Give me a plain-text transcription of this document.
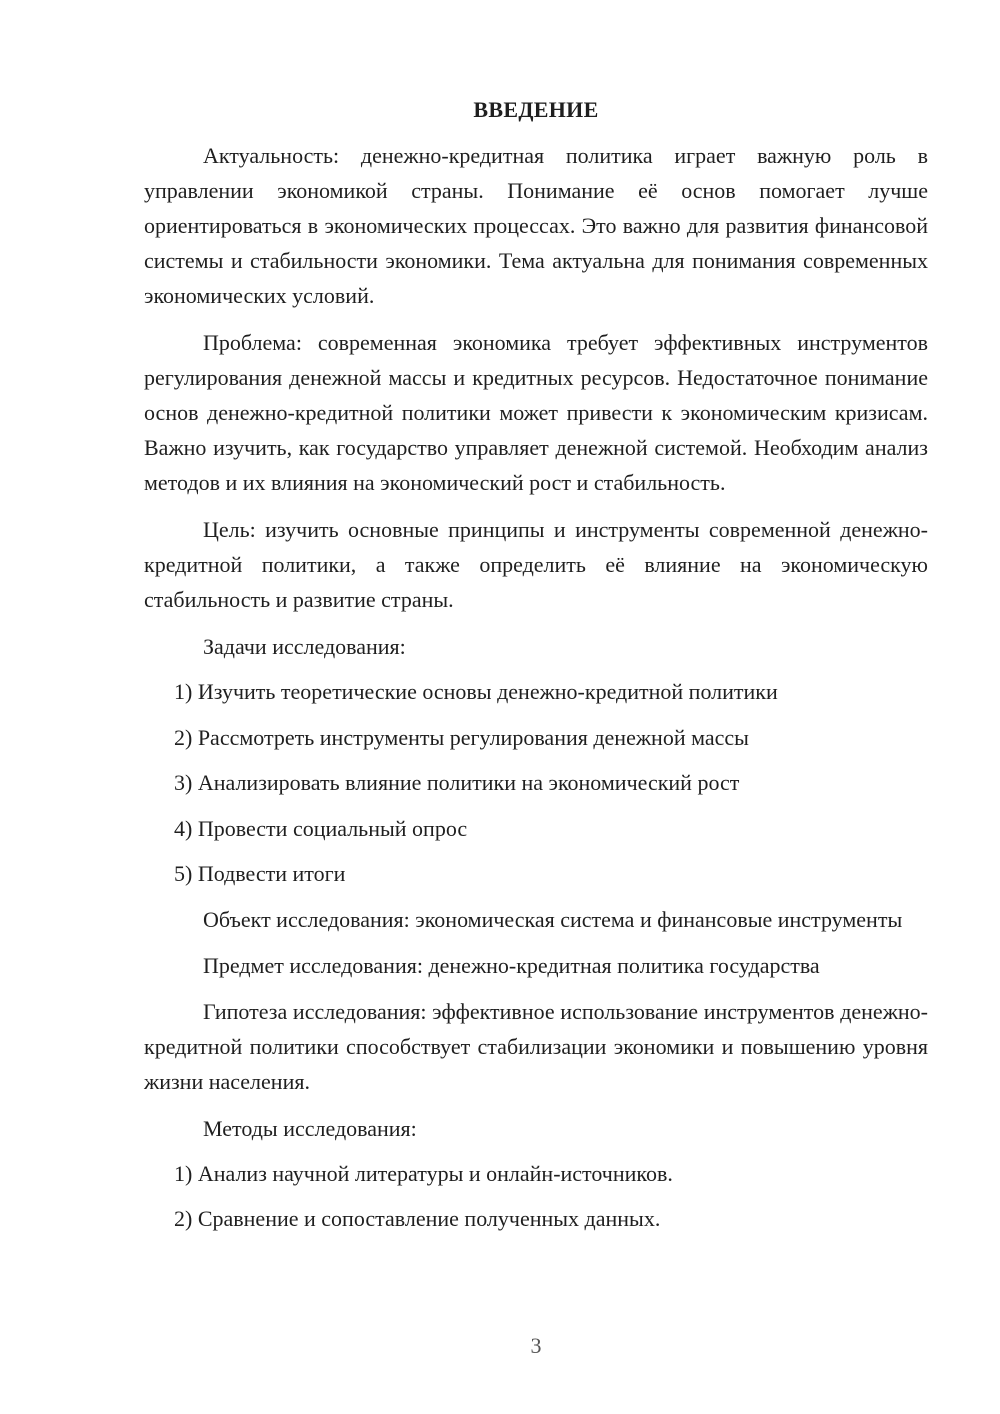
ВВЕДЕНИЕ

Актуальность: денежно-кредитная политика играет важную роль в управлении экономикой страны. Понимание её основ помогает лучше ориентироваться в экономических процессах. Это важно для развития финансовой системы и стабильности экономики. Тема актуальна для понимания современных экономических условий.

Проблема: современная экономика требует эффективных инструментов регулирования денежной массы и кредитных ресурсов. Недостаточное понимание основ денежно-кредитной политики может привести к экономическим кризисам. Важно изучить, как государство управляет денежной системой. Необходим анализ методов и их влияния на экономический рост и стабильность.

Цель: изучить основные принципы и инструменты современной денежно-кредитной политики, а также определить её влияние на экономическую стабильность и развитие страны.

Задачи исследования:

1) Изучить теоретические основы денежно-кредитной политики
2) Рассмотреть инструменты регулирования денежной массы
3) Анализировать влияние политики на экономический рост
4) Провести социальный опрос
5) Подвести итоги

Объект исследования: экономическая система и финансовые инструменты

Предмет исследования: денежно-кредитная политика государства

Гипотеза исследования: эффективное использование инструментов денежно-кредитной политики способствует стабилизации экономики и повышению уровня жизни населения.

Методы исследования:

1) Анализ научной литературы и онлайн-источников.
2) Сравнение и сопоставление полученных данных.
3
